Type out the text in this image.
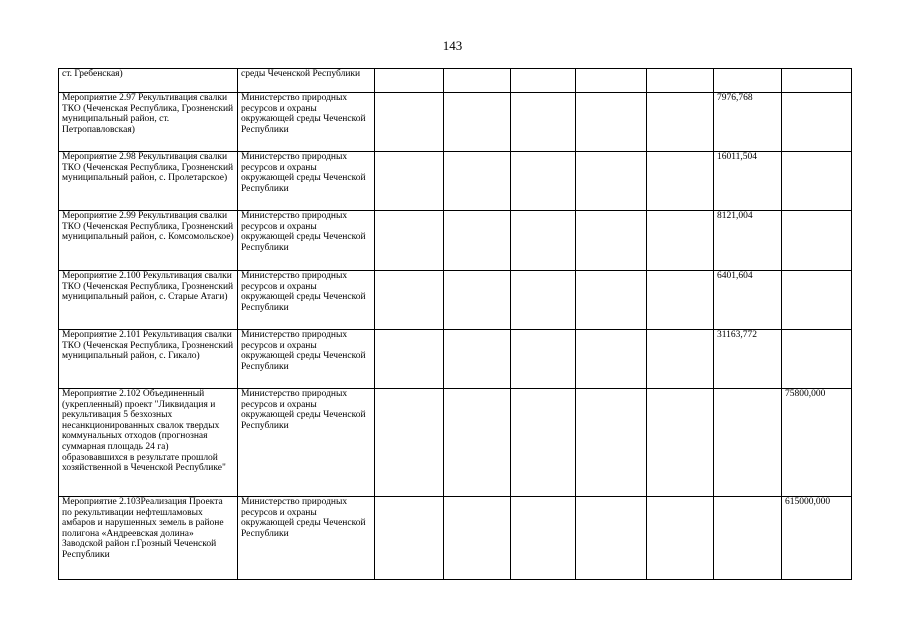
143
ст. Гребенская)	среды Чеченской Республики							
Мероприятие 2.97 Рекультивация свалки ТКО (Чеченская Республика, Грозненский муниципальный район, ст. Петропавловская)	Министерство природных ресурсов и охраны окружающей среды Чеченской Республики						7976,768	
Мероприятие 2.98 Рекультивация свалки ТКО (Чеченская Республика, Грозненский муниципальный район, с. Пролетарское)	Министерство природных ресурсов и охраны окружающей среды Чеченской Республики						16011,504	
Мероприятие 2.99 Рекультивация свалки ТКО (Чеченская Республика, Грозненский муниципальный район, с. Комсомольское)	Министерство природных ресурсов и охраны окружающей среды Чеченской Республики						8121,004	
Мероприятие 2.100 Рекультивация свалки ТКО (Чеченская Республика, Грозненский муниципальный район, с. Старые Атаги)	Министерство природных ресурсов и охраны окружающей среды Чеченской Республики						6401,604	
Мероприятие 2.101 Рекультивация свалки ТКО (Чеченская Республика, Грозненский муниципальный район, с. Гикало)	Министерство природных ресурсов и охраны окружающей среды Чеченской Республики						31163,772	
Мероприятие 2.102 Объединенный (укрепленный) проект "Ликвидация и рекультивация 5 безхозных несанкционированных свалок твердых коммунальных отходов (прогнозная суммарная площадь 24 га) образовавшихся в результате прошлой хозяйственной в Чеченской Республике"	Министерство природных ресурсов и охраны окружающей среды Чеченской Республики							75800,000
Мероприятие 2.103Реализация Проекта по рекультивации нефтешламовых амбаров и нарушенных земель в районе полигона «Андреевская долина» Заводской район г.Грозный Чеченской Республики	Министерство природных ресурсов и охраны окружающей среды Чеченской Республики							615000,000
